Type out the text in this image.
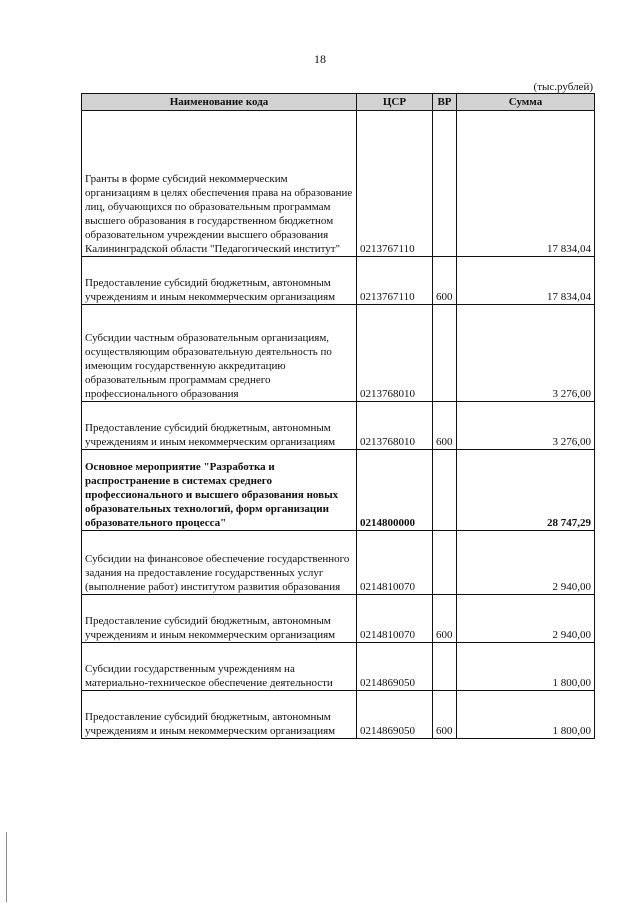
18
(тыс.рублей)
Наименование кода	ЦСР	ВР	Сумма
Гранты в форме субсидий некоммерческим организациям в целях обеспечения права на образование лиц, обучающихся по образовательным программам высшего образования в государственном бюджетном образовательном учреждении высшего образования Калининградской области "Педагогический институт"	0213767110		17 834,04
Предоставление субсидий бюджетным, автономным учреждениям и иным некоммерческим организациям	0213767110	600	17 834,04
Субсидии частным образовательным организациям, осуществляющим образовательную деятельность по имеющим государственную аккредитацию образовательным программам среднего профессионального образования	0213768010		3 276,00
Предоставление субсидий бюджетным, автономным учреждениям и иным некоммерческим организациям	0213768010	600	3 276,00
Основное мероприятие "Разработка и распространение в системах среднего профессионального и высшего образования новых образовательных технологий, форм организации образовательного процесса"	0214800000		28 747,29
Субсидии на финансовое обеспечение государственного задания на предоставление государственных услуг (выполнение работ) институтом развития образования	0214810070		2 940,00
Предоставление субсидий бюджетным, автономным учреждениям и иным некоммерческим организациям	0214810070	600	2 940,00
Субсидии государственным учреждениям на материально-техническое обеспечение деятельности	0214869050		1 800,00
Предоставление субсидий бюджетным, автономным учреждениям и иным некоммерческим организациям	0214869050	600	1 800,00
